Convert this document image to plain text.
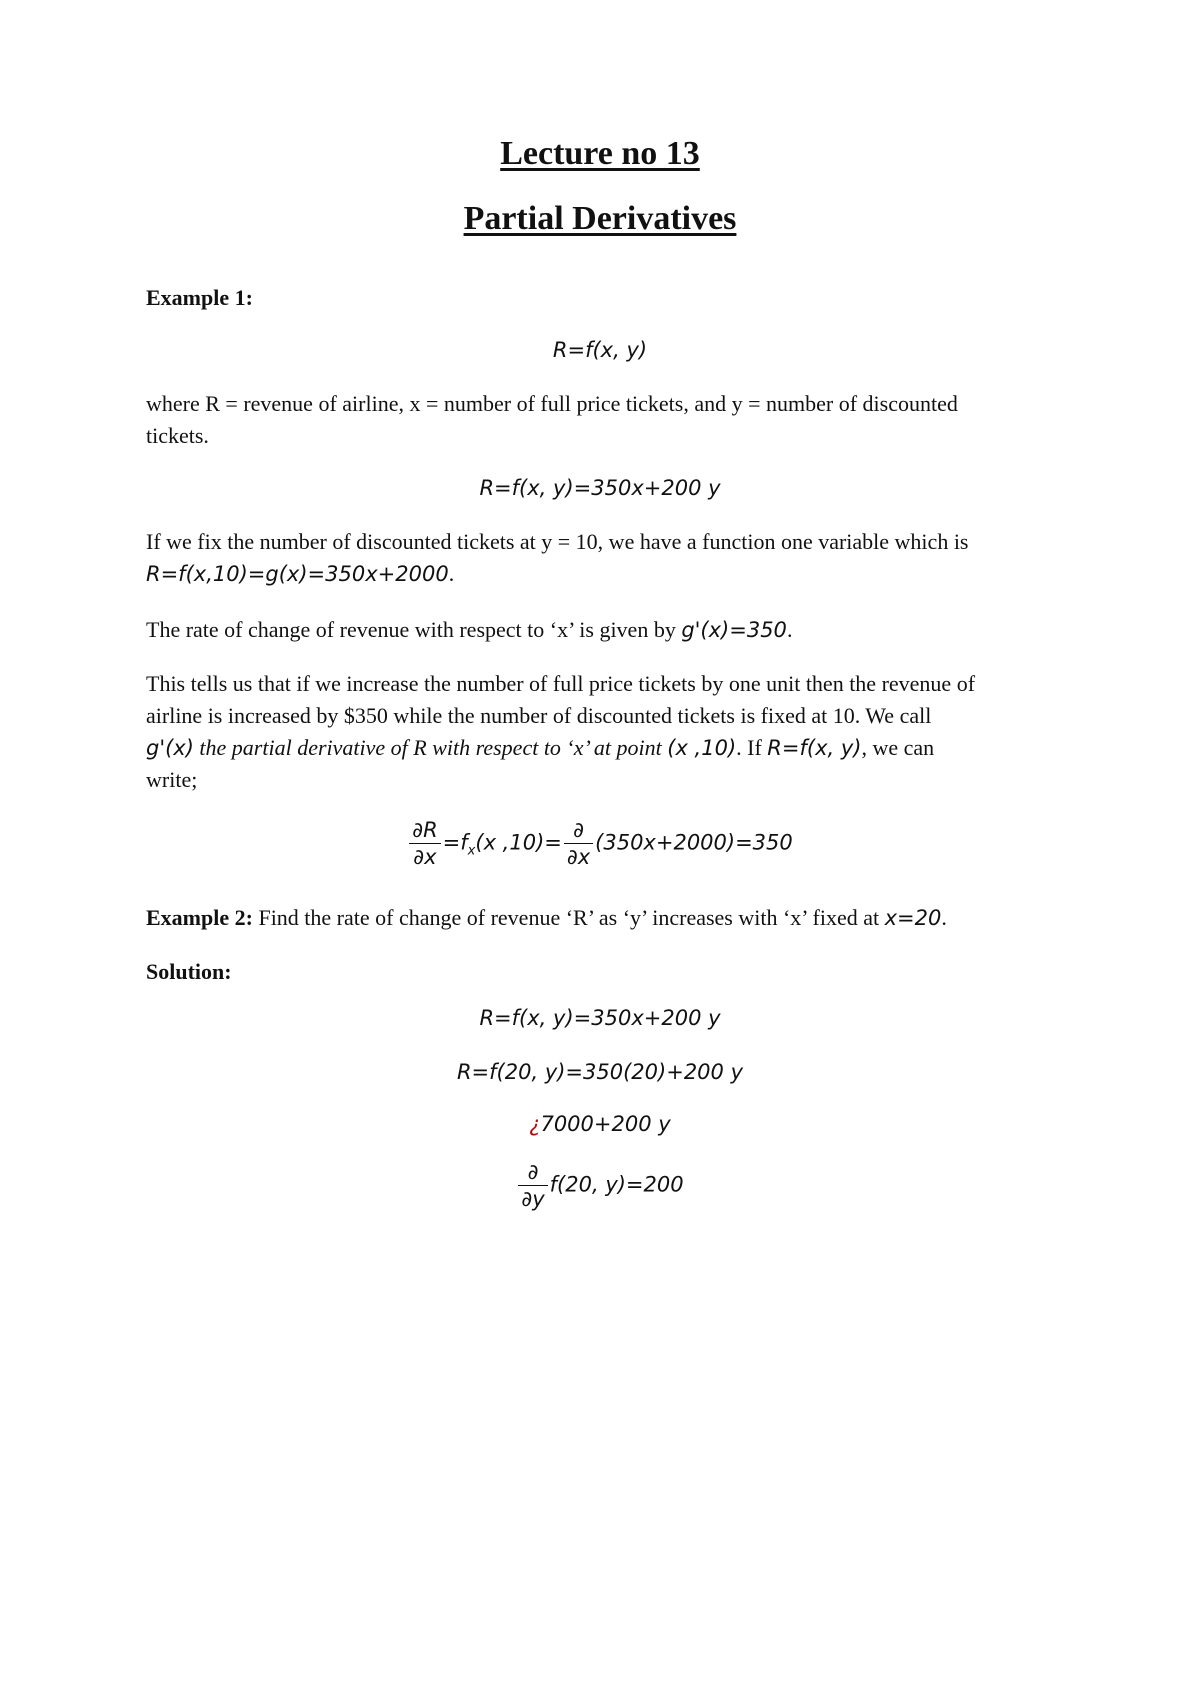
Lecture no 13
Partial Derivatives
Example 1:
R=f(x, y)
where R = revenue of airline, x = number of full price tickets, and y = number of discounted
tickets.
R=f(x, y)=350x+200 y
If we fix the number of discounted tickets at y = 10, we have a function one variable which is
R=f(x,10)=g(x)=350x+2000.
The rate of change of revenue with respect to ‘x’ is given by g'(x)=350.
This tells us that if we increase the number of full price tickets by one unit then the revenue of
airline is increased by $350 while the number of discounted tickets is fixed at 10. We call
g'(x) the partial derivative of R with respect to ‘x’ at point (x ,10). If R=f(x, y), we can
write;
$\frac{\partial R}{\partial x} =f_x(x$ $,10)= \frac{\partial}{\partial x} (350x+2000)=350$
Example 2: Find the rate of change of revenue ‘R’ as ‘y’ increases with ‘x’ fixed at x=20.
Solution:
R=f(x, y)=350x+200 y
R=f(20, y)=350(20)+200 y
¿7000+200 y
$\frac{\partial}{\partial y} f(20$, y)=200
